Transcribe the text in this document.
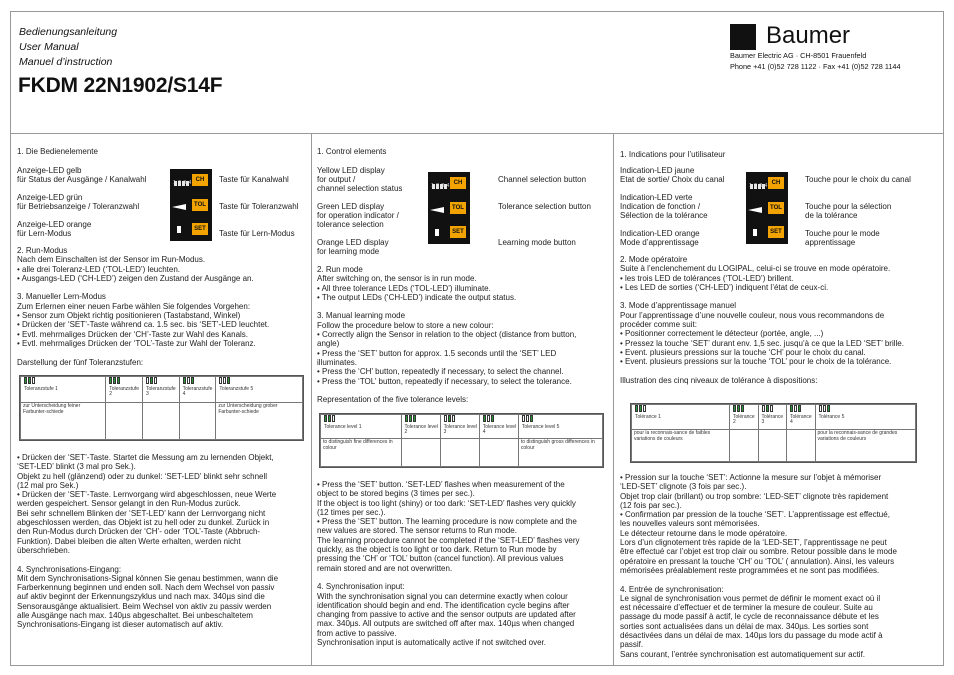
Bedienungsanleitung
User Manual
Manuel d’instruction
FKDM 22N1902/S14F
Baumer
Baumer Electric AG · CH-8501 Frauenfeld
Phone +41 (0)52 728 1122 · Fax +41 (0)52 728 1144
1. Die Bedienelemente
Anzeige-LED gelb
für Status der Ausgänge / Kanalwahl
Anzeige-LED grün
für Betriebsanzeige / Toleranzwahl
Anzeige-LED orange
für Lern-Modus
1 2 3 4 CH
TOL
SET
Taste für Kanalwahl
Taste für Toleranzwahl
Taste für Lern-Modus

2. Run-Modus

Nach dem Einschalten ist der Sensor im Run-Modus.

• alle drei Toleranz-LED (‘TOL-LED’) leuchten.

• Ausgangs-LED (‘CH-LED’) zeigen den Zustand der Ausgänge an.

3. Manueller Lern-Modus

Zum Erlernen einer neuen Farbe wählen Sie folgendes Vorgehen:

• Sensor zum Objekt richtig positionieren (Tastabstand, Winkel)

• Drücken der ‘SET’-Taste während ca. 1.5 sec. bis ‘SET’-LED leuchtet.

• Evtl. mehrmaliges Drücken der ‘CH’-Taste zur Wahl des Kanals.

• Evtl. mehrmaliges Drücken der ‘TOL’-Taste zur Wahl der Toleranz.

Darstellung der fünf Toleranzstufen:

Toleranzstufe 1	Toleranzstufe 2	Toleranzstufe 3	Toleranzstufe 4	Toleranzstufe 5
zur Unterscheidung feiner Farbunter-schiede				zur Unterscheidung grober Farbunter-schiede

• Drücken der ‘SET’-Taste. Startet die Messung am zu lernenden Objekt,

‘SET-LED’ blinkt (3 mal pro Sek.).

Objekt zu hell (glänzend) oder zu dunkel: ‘SET-LED’ blinkt sehr schnell

(12 mal pro Sek.)

• Drücken der ‘SET’-Taste. Lernvorgang wird abgeschlossen, neue Werte

werden gespeichert. Sensor gelangt in den Run-Modus zurück.

Bei sehr schnellem Blinken der ‘SET-LED’ kann der Lernvorgang nicht

abgeschlossen werden, das Objekt ist zu hell oder zu dunkel. Zurück in

den Run-Modus durch Drücken der ‘CH’- oder ‘TOL’-Taste (Abbruch-

Funktion). Dabei bleiben die alten Werte erhalten, werden nicht

überschrieben.

4. Synchronisations-Eingang:

Mit dem Synchronisations-Signal können Sie genau bestimmen, wann die

Farberkennung beginnen und enden soll. Nach dem Wechsel von passiv

auf aktiv beginnt der Erkennungszyklus und nach max. 340µs sind die

Sensorausgänge aktualisiert. Beim Wechsel von aktiv zu passiv werden

alle Ausgänge nach max. 140µs abgeschaltet. Bei unbeschaltetem

Synchronisations-Eingang ist dieser automatisch auf aktiv.

1. Control elements
Yellow LED display
for output /
channel selection status
Green LED display
for operation indicator /
tolerance selection
Orange LED display
for learning mode
1 2 3 4 CH
TOL
SET
Channel selection button
Tolerance selection button
Learning mode button

2. Run mode

After switching on, the sensor is in run mode.

• All three tolerance LEDs (‘TOL-LED’) illuminate.

• The output LEDs (‘CH-LED’) indicate the output status.

3. Manual learning mode

Follow the procedure below to store a new colour:

• Correctly align the Sensor in relation to the object (distance from button,

angle)

• Press the ‘SET’ button for approx. 1.5 seconds until the ‘SET’ LED

illuminates.

• Press the ‘CH’ button, repeatedly if necessary, to select the channel.

• Press the ‘TOL’ button, repeatedly if necessary, to select the tolerance.

Representation of the five tolerance levels:

Tolerance level 1	Tolerance level 2	Tolerance level 3	Tolerance level 4	Tolerance level 5
to distinguish fine differences in colour				to distinguish gross differences in colour

• Press the ‘SET’ button. ‘SET-LED’ flashes when measurement of the

object to be stored begins (3 times per sec.).

If the object is too light (shiny) or too dark: ‘SET-LED’ flashes very quickly

(12 times per sec.).

• Press the ‘SET’ button. The learning procedure is now complete and the

new values are stored. The sensor returns to Run mode.

The learning procedure cannot be completed if the ‘SET-LED’ flashes very

quickly, as the object is too light or too dark. Return to Run mode by

pressing the ‘CH’ or ‘TOL’ button (cancel function). All previous values

remain stored and are not overwritten.

4. Synchronisation input:

With the synchronisation signal you can determine exactly when colour

identification should begin and end. The identification cycle begins after

changing from passive to active and the sensor outputs are updated after

max. 340µs. All outputs are switched off after max. 140µs when changed

from active to passive.

Synchronisation input is automatically active if not switched over.

1. Indications pour l’utilisateur
Indication-LED jaune
Etat de sortie/ Choix du canal
Indication-LED verte
Indication de fonction /
Sélection de la tolérance
Indication-LED orange
Mode d’apprentissage
1 2 3 4 CH
TOL
SET
Touche pour le choix du canal
Touche pour la sélection
de la tolérance
Touche pour le mode
apprentissage

2. Mode opératoire

Suite à l’enclenchement du LOGIPAL, celui-ci se trouve en mode opératoire.

• les trois LED de tolérances (‘TOL-LED’) brillent.

• Les LED de sorties (‘CH-LED’) indiquent l’état de ceux-ci.

3. Mode d’apprentissage manuel

Pour l’apprentissage d’une nouvelle couleur, nous vous recommandons de

procéder comme suit:

• Positionner correctement le détecteur (portée, angle, ...)

• Pressez la touche ‘SET’ durant env. 1,5 sec. jusqu’à ce que la LED ‘SET’ brille.

• Event. plusieurs pressions sur la touche ‘CH’ pour le choix du canal.

• Event. plusieurs pressions sur la touche ‘TOL’ pour le choix de la tolérance.

Illustration des cinq niveaux de tolérance à dispositions:

Tolérance 1	Tolérance 2	Tolérance 3	Tolérance 4	Tolérance 5
pour la reconnais-sance de faibles variations de couleurs				pour la reconnais-sance de grandes variations de couleurs

• Pression sur la touche ‘SET’: Actionne la mesure sur l’objet à mémoriser

‘LED-SET’ clignote (3 fois par sec.).

Objet trop clair (brillant) ou trop sombre: ‘LED-SET’ clignote très rapidement

(12 fois par sec.).

• Confirmation par pression de la touche ‘SET’. L’apprentissage est effectué,

les nouvelles valeurs sont mémorisées.

Le détecteur retourne dans le mode opératoire.

Lors d’un clignotement très rapide de la ‘LED-SET’, l’apprentissage ne peut

être effectué car l’objet est trop clair ou sombre. Retour possible dans le mode

opératoire en pressant la touche ‘CH’ ou ‘TOL’ ( annulation). Ainsi, les valeurs

mémorisées préalablement reste programmées et ne sont pas modifiées.

4. Entrée de synchronisation:

Le signal de synchronisation vous permet de définir le moment exact où il

est nécessaire d’effectuer et de terminer la mesure de couleur. Suite au

passage du mode passif à actif, le cycle de reconnaissance débute et les

sorties sont actualisées dans un délai de max. 340µs. Les sorties sont

désactivées dans un délai de max. 140µs lors du passage du mode actif à

passif.

Sans courant, l’entrée synchronisation est automatiquement sur actif.
